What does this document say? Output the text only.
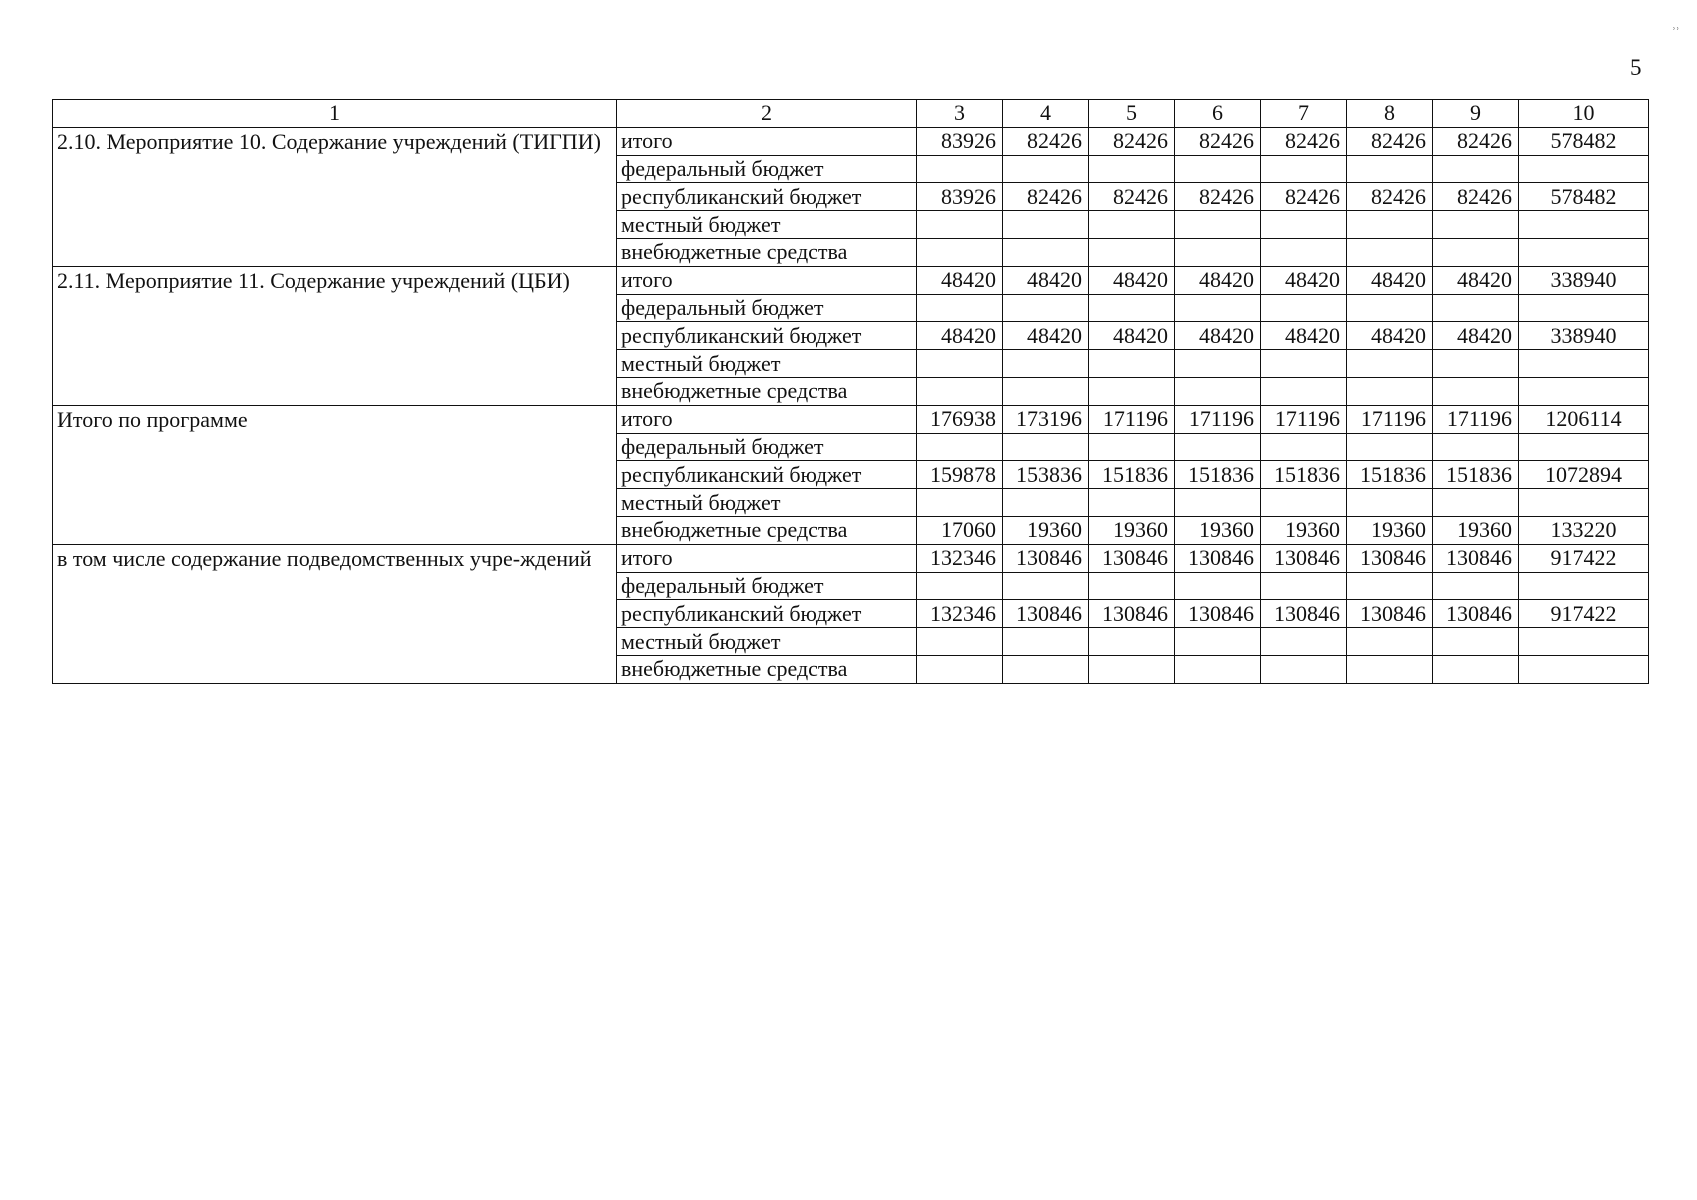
5
⸒⸒
1	2	3	4	5	6	7	8	9	10
2.10. Мероприятие 10. Содержание учреждений (ТИГПИ)	итого	83926	82426	82426	82426	82426	82426	82426	578482
	федеральный бюджет								
	республиканский бюджет	83926	82426	82426	82426	82426	82426	82426	578482
	местный бюджет								
	внебюджетные средства								
2.11. Мероприятие 11. Содержание учреждений (ЦБИ)	итого	48420	48420	48420	48420	48420	48420	48420	338940
	федеральный бюджет								
	республиканский бюджет	48420	48420	48420	48420	48420	48420	48420	338940
	местный бюджет								
	внебюджетные средства								
Итого по программе	итого	176938	173196	171196	171196	171196	171196	171196	1206114
	федеральный бюджет								
	республиканский бюджет	159878	153836	151836	151836	151836	151836	151836	1072894
	местный бюджет								
	внебюджетные средства	17060	19360	19360	19360	19360	19360	19360	133220
в том числе содержание подведомственных учре-ждений	итого	132346	130846	130846	130846	130846	130846	130846	917422
	федеральный бюджет								
	республиканский бюджет	132346	130846	130846	130846	130846	130846	130846	917422
	местный бюджет								
	внебюджетные средства								
